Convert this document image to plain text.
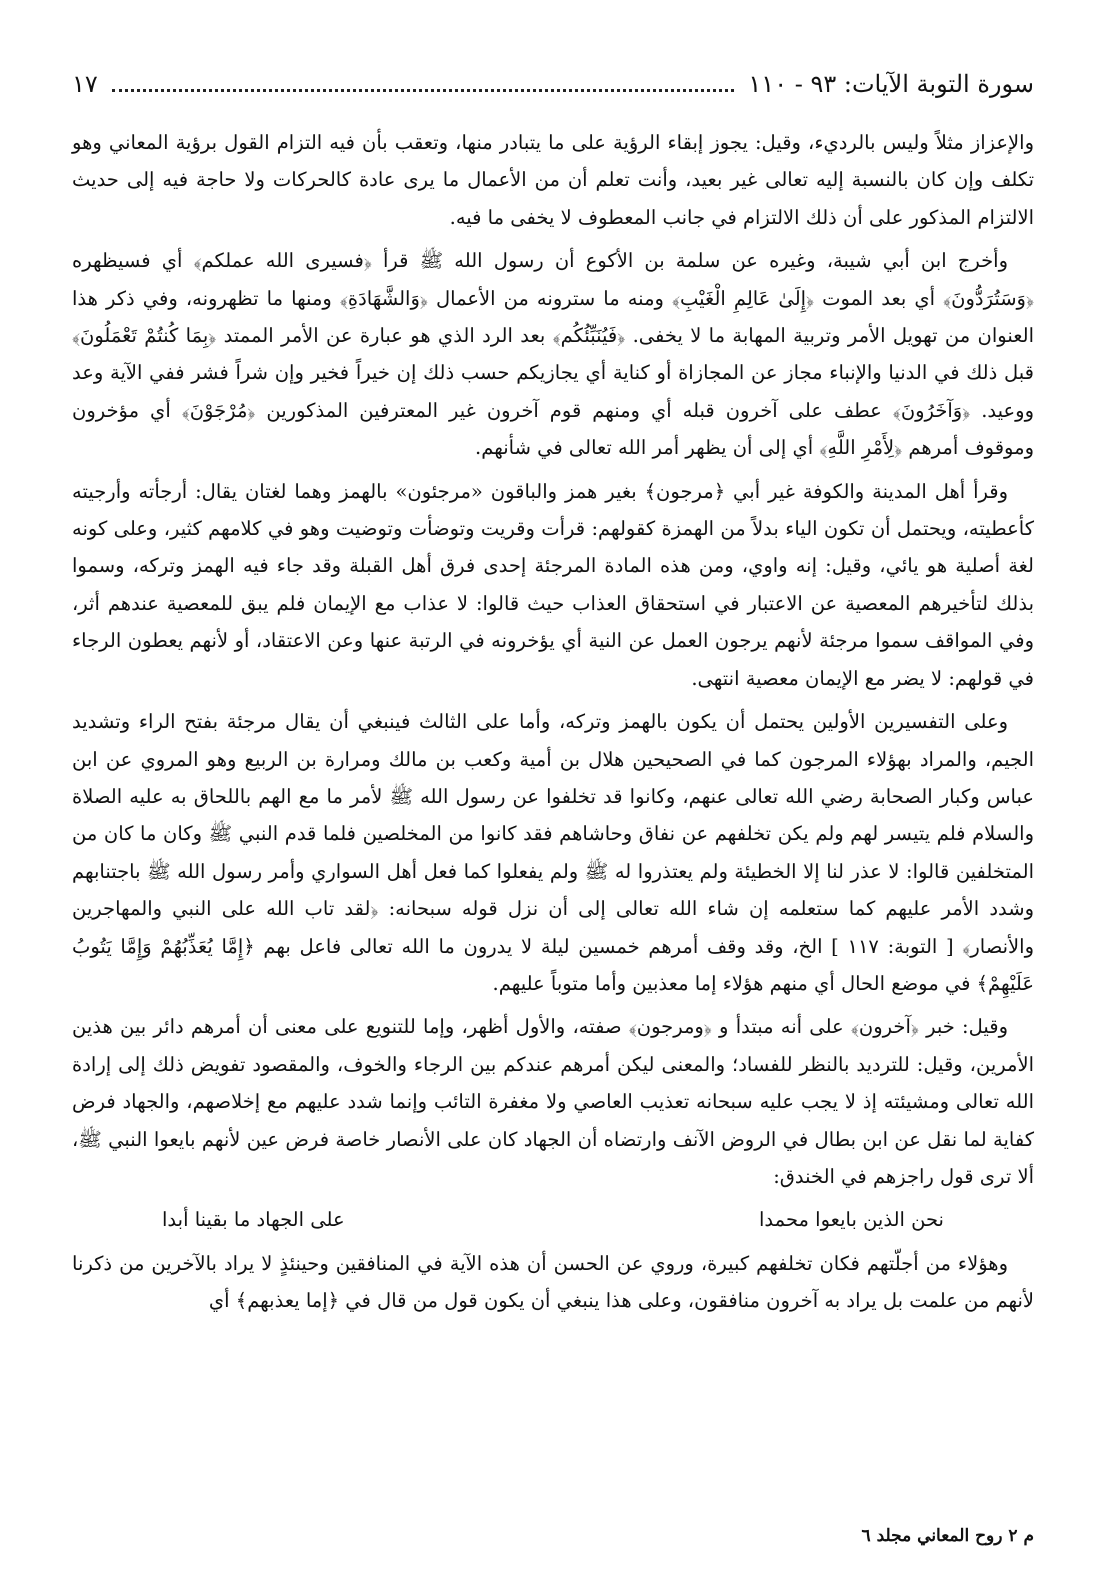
سورة التوبة الآيات: ٩٣ - ١١٠
١٧

والإعزاز مثلاً وليس بالرديء، وقيل: يجوز إبقاء الرؤية على ما يتبادر منها، وتعقب بأن فيه التزام القول برؤية المعاني وهو تكلف وإن كان بالنسبة إليه تعالى غير بعيد، وأنت تعلم أن من الأعمال ما يرى عادة كالحركات ولا حاجة فيه إلى حديث الالتزام المذكور على أن ذلك الالتزام في جانب المعطوف لا يخفى ما فيه.

وأخرج ابن أبي شيبة، وغيره عن سلمة بن الأكوع أن رسول الله ﷺ قرأ ﴿فسيرى الله عملكم﴾ أي فسيظهره ﴿وَسَتُرَدُّونَ﴾ أي بعد الموت ﴿إِلَىٰ عَالِمِ الْغَيْبِ﴾ ومنه ما سترونه من الأعمال ﴿وَالشَّهَادَةِ﴾ ومنها ما تظهرونه، وفي ذكر هذا العنوان من تهويل الأمر وتربية المهابة ما لا يخفى. ﴿فَيُنَبِّئُكُم﴾ بعد الرد الذي هو عبارة عن الأمر الممتد ﴿بِمَا كُنتُمْ تَعْمَلُونَ﴾ قبل ذلك في الدنيا والإنباء مجاز عن المجازاة أو كناية أي يجازيكم حسب ذلك إن خيراً فخير وإن شراً فشر ففي الآية وعد ووعيد. ﴿وَآخَرُونَ﴾ عطف على آخرون قبله أي ومنهم قوم آخرون غير المعترفين المذكورين ﴿مُرْجَوْنَ﴾ أي مؤخرون وموقوف أمرهم ﴿لِأَمْرِ اللَّهِ﴾ أي إلى أن يظهر أمر الله تعالى في شأنهم.

وقرأ أهل المدينة والكوفة غير أبي ﴿مرجون﴾ بغير همز والباقون «مرجئون» بالهمز وهما لغتان يقال: أرجأته وأرجيته كأعطيته، ويحتمل أن تكون الياء بدلاً من الهمزة كقولهم: قرأت وقريت وتوضأت وتوضيت وهو في كلامهم كثير، وعلى كونه لغة أصلية هو يائي، وقيل: إنه واوي، ومن هذه المادة المرجئة إحدى فرق أهل القبلة وقد جاء فيه الهمز وتركه، وسموا بذلك لتأخيرهم المعصية عن الاعتبار في استحقاق العذاب حيث قالوا: لا عذاب مع الإيمان فلم يبق للمعصية عندهم أثر، وفي المواقف سموا مرجئة لأنهم يرجون العمل عن النية أي يؤخرونه في الرتبة عنها وعن الاعتقاد، أو لأنهم يعطون الرجاء في قولهم: لا يضر مع الإيمان معصية انتهى.

وعلى التفسيرين الأولين يحتمل أن يكون بالهمز وتركه، وأما على الثالث فينبغي أن يقال مرجئة بفتح الراء وتشديد الجيم، والمراد بهؤلاء المرجون كما في الصحيحين هلال بن أمية وكعب بن مالك ومرارة بن الربيع وهو المروي عن ابن عباس وكبار الصحابة رضي الله تعالى عنهم، وكانوا قد تخلفوا عن رسول الله ﷺ لأمر ما مع الهم باللحاق به عليه الصلاة والسلام فلم يتيسر لهم ولم يكن تخلفهم عن نفاق وحاشاهم فقد كانوا من المخلصين فلما قدم النبي ﷺ وكان ما كان من المتخلفين قالوا: لا عذر لنا إلا الخطيئة ولم يعتذروا له ﷺ ولم يفعلوا كما فعل أهل السواري وأمر رسول الله ﷺ باجتنابهم وشدد الأمر عليهم كما ستعلمه إن شاء الله تعالى إلى أن نزل قوله سبحانه: ﴿لقد تاب الله على النبي والمهاجرين والأنصار﴾ [ التوبة: ١١٧ ] الخ، وقد وقف أمرهم خمسين ليلة لا يدرون ما الله تعالى فاعل بهم ﴿إِمَّا يُعَذِّبُهُمْ وَإِمَّا يَتُوبُ عَلَيْهِمْ﴾ في موضع الحال أي منهم هؤلاء إما معذبين وأما متوباً عليهم.

وقيل: خبر ﴿آخرون﴾ على أنه مبتدأ و ﴿ومرجون﴾ صفته، والأول أظهر، وإما للتنويع على معنى أن أمرهم دائر بين هذين الأمرين، وقيل: للترديد بالنظر للفساد؛ والمعنى ليكن أمرهم عندكم بين الرجاء والخوف، والمقصود تفويض ذلك إلى إرادة الله تعالى ومشيئته إذ لا يجب عليه سبحانه تعذيب العاصي ولا مغفرة التائب وإنما شدد عليهم مع إخلاصهم، والجهاد فرض كفاية لما نقل عن ابن بطال في الروض الآنف وارتضاه أن الجهاد كان على الأنصار خاصة فرض عين لأنهم بايعوا النبي ﷺ، ألا ترى قول راجزهم في الخندق:

نحن الذين بايعوا محمدا
على الجهاد ما بقينا أبدا

وهؤلاء من أجلّتهم فكان تخلفهم كبيرة، وروي عن الحسن أن هذه الآية في المنافقين وحينئذٍ لا يراد بالآخرين من ذكرنا لأنهم من علمت بل يراد به آخرون منافقون، وعلى هذا ينبغي أن يكون قول من قال في ﴿إما يعذبهم﴾ أي

م ٢ روح المعاني مجلد ٦
